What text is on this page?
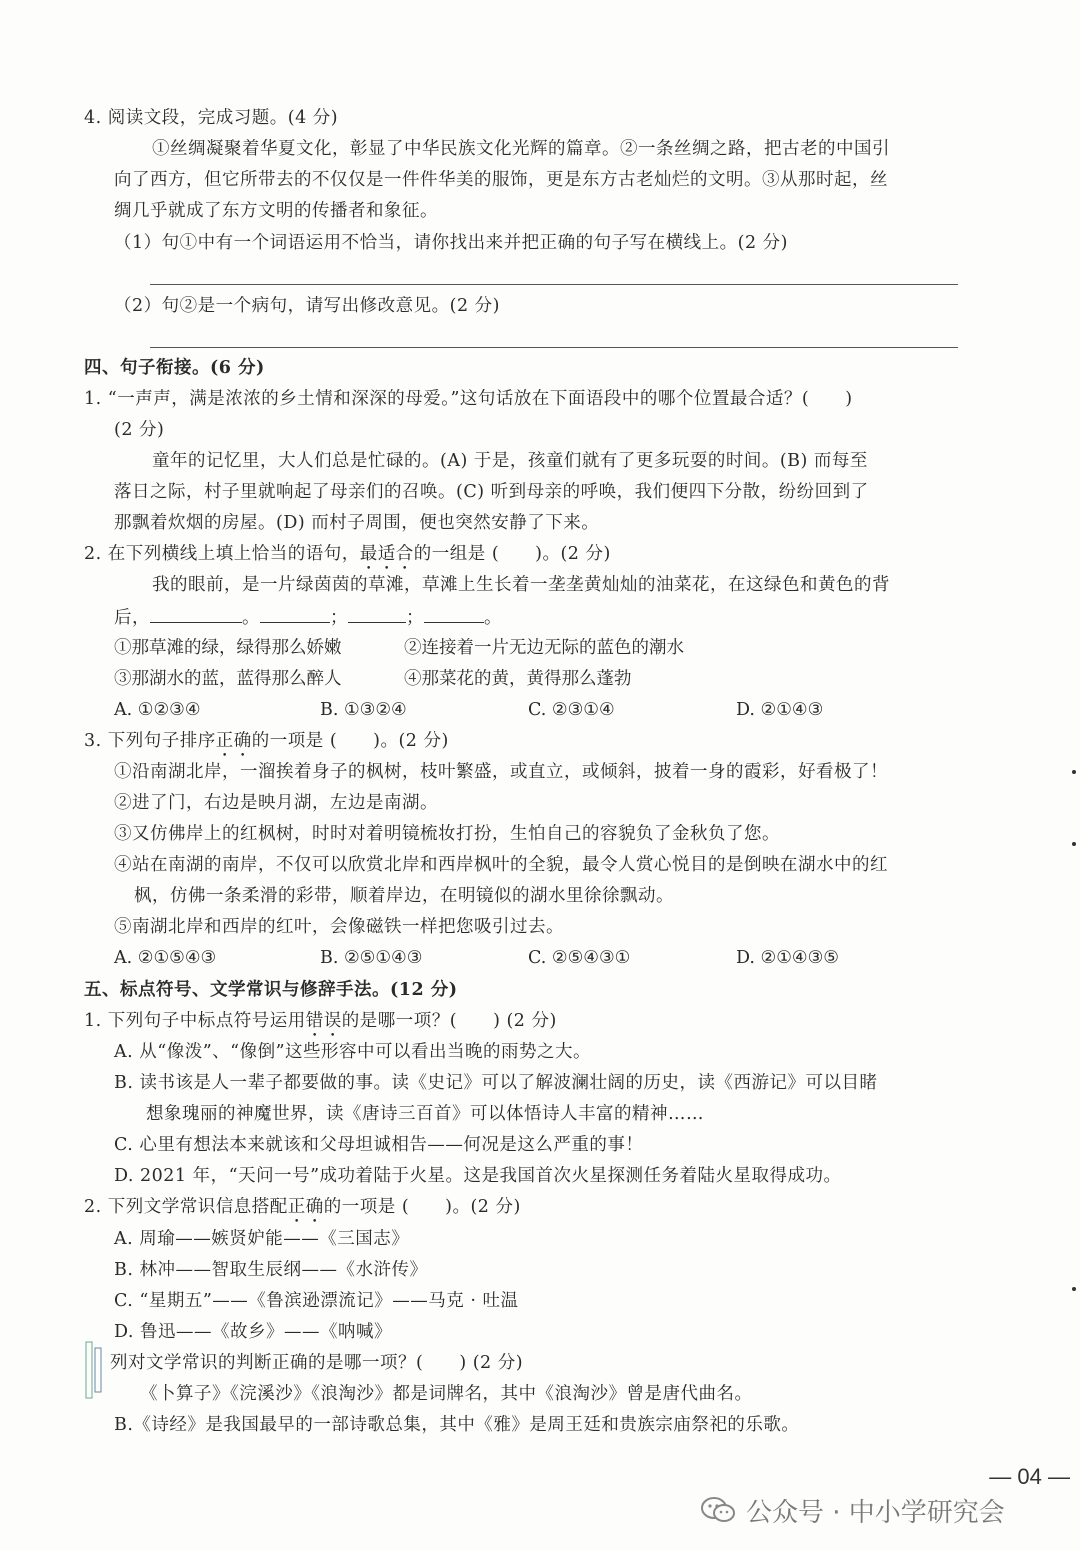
4. 阅读文段，完成习题。(4 分)
①丝绸凝聚着华夏文化，彰显了中华民族文化光辉的篇章。②一条丝绸之路，把古老的中国引
向了西方，但它所带去的不仅仅是一件件华美的服饰，更是东方古老灿烂的文明。③从那时起，丝
绸几乎就成了东方文明的传播者和象征。
（1）句①中有一个词语运用不恰当，请你找出来并把正确的句子写在横线上。(2 分)
（2）句②是一个病句，请写出修改意见。(2 分)
四、句子衔接。(6 分)
1. “一声声，满是浓浓的乡土情和深深的母爱。”这句话放在下面语段中的哪个位置最合适？(　　)
(2 分)
童年的记忆里，大人们总是忙碌的。(A) 于是，孩童们就有了更多玩耍的时间。(B) 而每至
落日之际，村子里就响起了母亲们的召唤。(C) 听到母亲的呼唤，我们便四下分散，纷纷回到了
那飘着炊烟的房屋。(D) 而村子周围，便也突然安静了下来。
2. 在下列横线上填上恰当的语句，最适合的一组是 (　　)。(2 分)
我的眼前，是一片绿茵茵的草滩，草滩上生长着一垄垄黄灿灿的油菜花，在这绿色和黄色的背
后，	。	；	；	。
①那草滩的绿，绿得那么娇嫩	②连接着一片无边无际的蓝色的潮水
③那湖水的蓝，蓝得那么醉人	④那菜花的黄，黄得那么蓬勃
A. ①②③④	B. ①③②④	C. ②③①④	D. ②①④③
3. 下列句子排序正确的一项是 (　　)。(2 分)
①沿南湖北岸，一溜挨着身子的枫树，枝叶繁盛，或直立，或倾斜，披着一身的霞彩，好看极了！
②进了门，右边是映月湖，左边是南湖。
③又仿佛岸上的红枫树，时时对着明镜梳妆打扮，生怕自己的容貌负了金秋负了您。
④站在南湖的南岸，不仅可以欣赏北岸和西岸枫叶的全貌，最令人赏心悦目的是倒映在湖水中的红
枫，仿佛一条柔滑的彩带，顺着岸边，在明镜似的湖水里徐徐飘动。
⑤南湖北岸和西岸的红叶，会像磁铁一样把您吸引过去。
A. ②①⑤④③	B. ②⑤①④③	C. ②⑤④③①	D. ②①④③⑤
五、标点符号、文学常识与修辞手法。(12 分)
1. 下列句子中标点符号运用错误的是哪一项？(　　) (2 分)
A. 从“像泼”、“像倒”这些形容中可以看出当晚的雨势之大。
B. 读书该是人一辈子都要做的事。读《史记》可以了解波澜壮阔的历史，读《西游记》可以目睹
想象瑰丽的神魔世界，读《唐诗三百首》可以体悟诗人丰富的精神……
C. 心里有想法本来就该和父母坦诚相告——何况是这么严重的事！
D. 2021 年，“天问一号”成功着陆于火星。这是我国首次火星探测任务着陆火星取得成功。
2. 下列文学常识信息搭配正确的一项是 (　　)。(2 分)
A. 周瑜——嫉贤妒能——《三国志》
B. 林冲——智取生辰纲——《水浒传》
C. “星期五”——《鲁滨逊漂流记》——马克 · 吐温
D. 鲁迅——《故乡》——《呐喊》
列对文学常识的判断正确的是哪一项？(　　) (2 分)
《卜算子》《浣溪沙》《浪淘沙》都是词牌名，其中《浪淘沙》曾是唐代曲名。
B.《诗经》是我国最早的一部诗歌总集，其中《雅》是周王廷和贵族宗庙祭祀的乐歌。
— 04 —
公众号 · 中小学研究会
